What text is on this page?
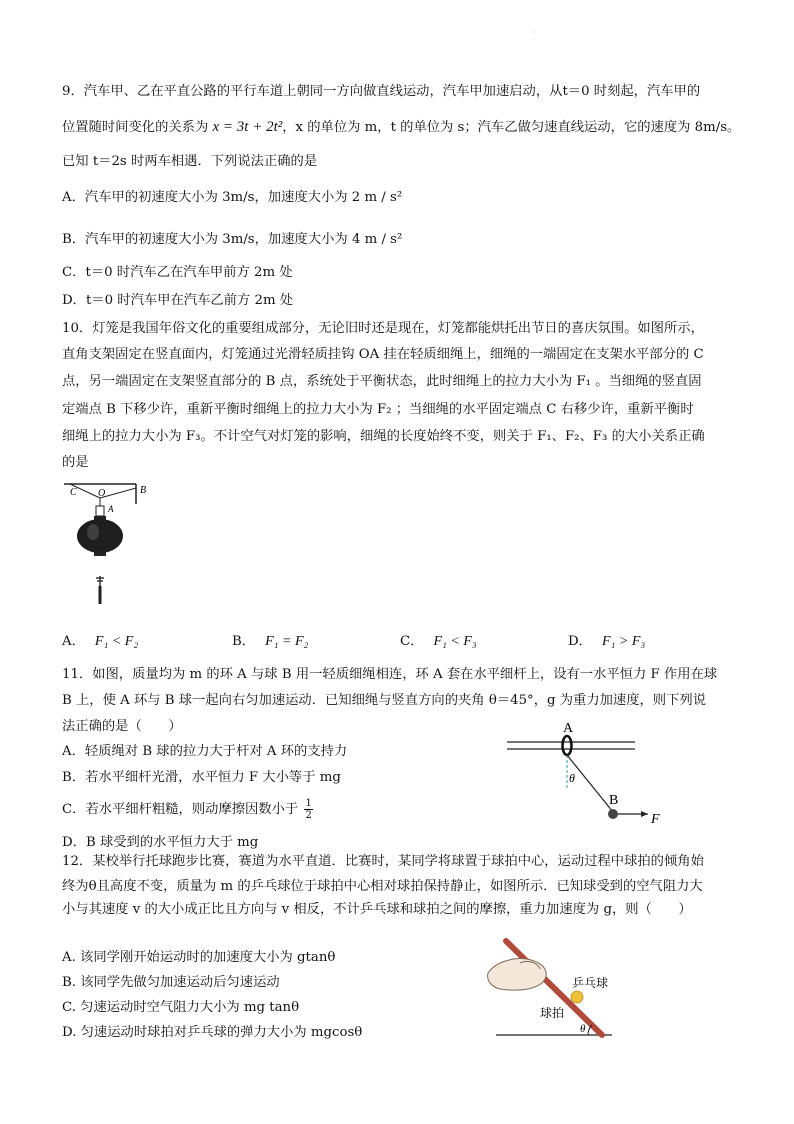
·
9．汽车甲、乙在平直公路的平行车道上朝同一方向做直线运动，汽车甲加速启动，从t＝0 时刻起，汽车甲的
位置随时间变化的关系为 x = 3t + 2t²，x 的单位为 m，t 的单位为 s；汽车乙做匀速直线运动，它的速度为 8m/s。
已知 t＝2s 时两车相遇．下列说法正确的是
A．汽车甲的初速度大小为 3m/s，加速度大小为 2 m / s²
B．汽车甲的初速度大小为 3m/s，加速度大小为 4 m / s²
C．t＝0 时汽车乙在汽车甲前方 2m 处
D．t＝0 时汽车甲在汽车乙前方 2m 处
10．灯笼是我国年俗文化的重要组成部分，无论旧时还是现在，灯笼都能烘托出节日的喜庆氛围。如图所示，
直角支架固定在竖直面内，灯笼通过光滑轻质挂钩 OA 挂在轻质细绳上，细绳的一端固定在支架水平部分的 C
点，另一端固定在支架竖直部分的 B 点，系统处于平衡状态，此时细绳上的拉力大小为 F₁ 。当细绳的竖直固
定端点 B 下移少许，重新平衡时细绳上的拉力大小为 F₂ ；当细绳的水平固定端点 C 右移少许，重新平衡时
细绳上的拉力大小为 F₃。不计空气对灯笼的影响，细绳的长度始终不变，则关于 F₁、F₂、F₃ 的大小关系正确
的是
C O	B
A
A． F₁ < F₂	B． F₁ = F₂	C． F₁ < F₃	D． F₁ > F₃
11．如图，质量均为 m 的环 A 与球 B 用一轻质细绳相连，环 A 套在水平细杆上，设有一水平恒力 F 作用在球
B 上，使 A 环与 B 球一起向右匀加速运动．已知细绳与竖直方向的夹角 θ＝45°，g 为重力加速度，则下列说
法正确的是（　　）
A．轻质绳对 B 球的拉力大于杆对 A 环的支持力
B．若水平细杆光滑，水平恒力 F 大小等于 mg
C．若水平细杆粗糙，则动摩擦因数小于 $\frac{1}{2}$
D．B 球受到的水平恒力大于 mg
A
θ
B
F
12．某校举行托球跑步比赛，赛道为水平直道．比赛时，某同学将球置于球拍中心，运动过程中球拍的倾角始
终为θ且高度不变，质量为 m 的乒乓球位于球拍中心相对球拍保持静止，如图所示．已知球受到的空气阻力大
小与其速度 v 的大小成正比且方向与 v 相反，不计乒乓球和球拍之间的摩擦，重力加速度为 g，则（　　）
A. 该同学刚开始运动时的加速度大小为 gtanθ
B. 该同学先做匀加速运动后匀速运动
C. 匀速运动时空气阻力大小为 mg tanθ
D. 匀速运动时球拍对乒乓球的弹力大小为 mgcosθ
乒乓球
球拍
θ
